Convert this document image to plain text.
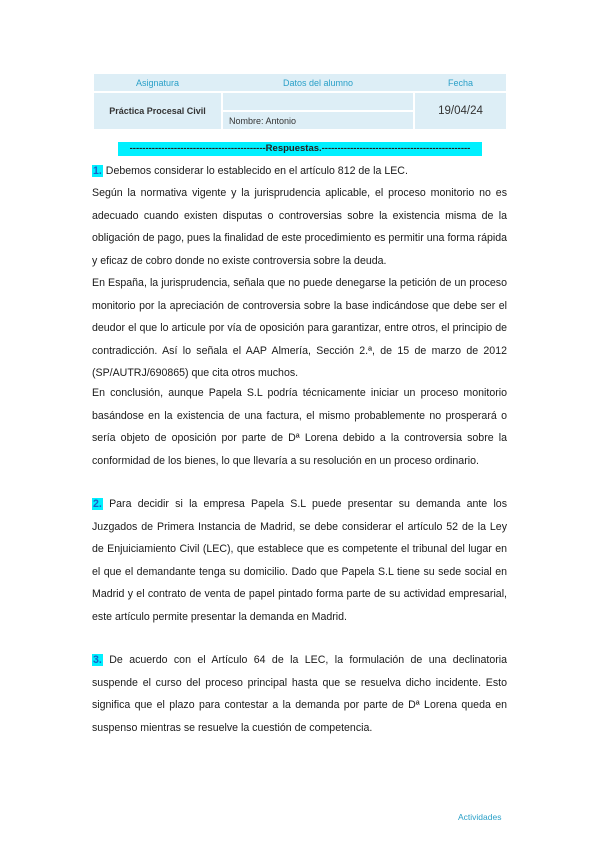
Asignatura	Datos del alumno	Fecha
Práctica Procesal Civil
Nombre: Antonio
19/04/24
-------------------------------------------Respuestas.-----------------------------------------------

1. Debemos considerar lo establecido en el artículo 812 de la LEC.

Según la normativa vigente y la jurisprudencia aplicable, el proceso monitorio no es adecuado cuando existen disputas o controversias sobre la existencia misma de la obligación de pago, pues la finalidad de este procedimiento es permitir una forma rápida y eficaz de cobro donde no existe controversia sobre la deuda.

En España, la jurisprudencia, señala que no puede denegarse la petición de un proceso monitorio por la apreciación de controversia sobre la base indicándose que debe ser el deudor el que lo articule por vía de oposición para garantizar, entre otros, el principio de contradicción. Así lo señala el AAP Almería, Sección 2.ª, de 15 de marzo de 2012 (SP/AUTRJ/690865) que cita otros muchos.

En conclusión, aunque Papela S.L podría técnicamente iniciar un proceso monitorio basándose en la existencia de una factura, el mismo probablemente no prosperará o sería objeto de oposición por parte de Dª Lorena debido a la controversia sobre la conformidad de los bienes, lo que llevaría a su resolución en un proceso ordinario.

2. Para decidir si la empresa Papela S.L puede presentar su demanda ante los Juzgados de Primera Instancia de Madrid, se debe considerar el artículo 52 de la Ley de Enjuiciamiento Civil (LEC), que establece que es competente el tribunal del lugar en el que el demandante tenga su domicilio. Dado que Papela S.L tiene su sede social en Madrid y el contrato de venta de papel pintado forma parte de su actividad empresarial, este artículo permite presentar la demanda en Madrid.

3. De acuerdo con el Artículo 64 de la LEC, la formulación de una declinatoria suspende el curso del proceso principal hasta que se resuelva dicho incidente. Esto significa que el plazo para contestar a la demanda por parte de Dª Lorena queda en suspenso mientras se resuelve la cuestión de competencia.

Actividades
